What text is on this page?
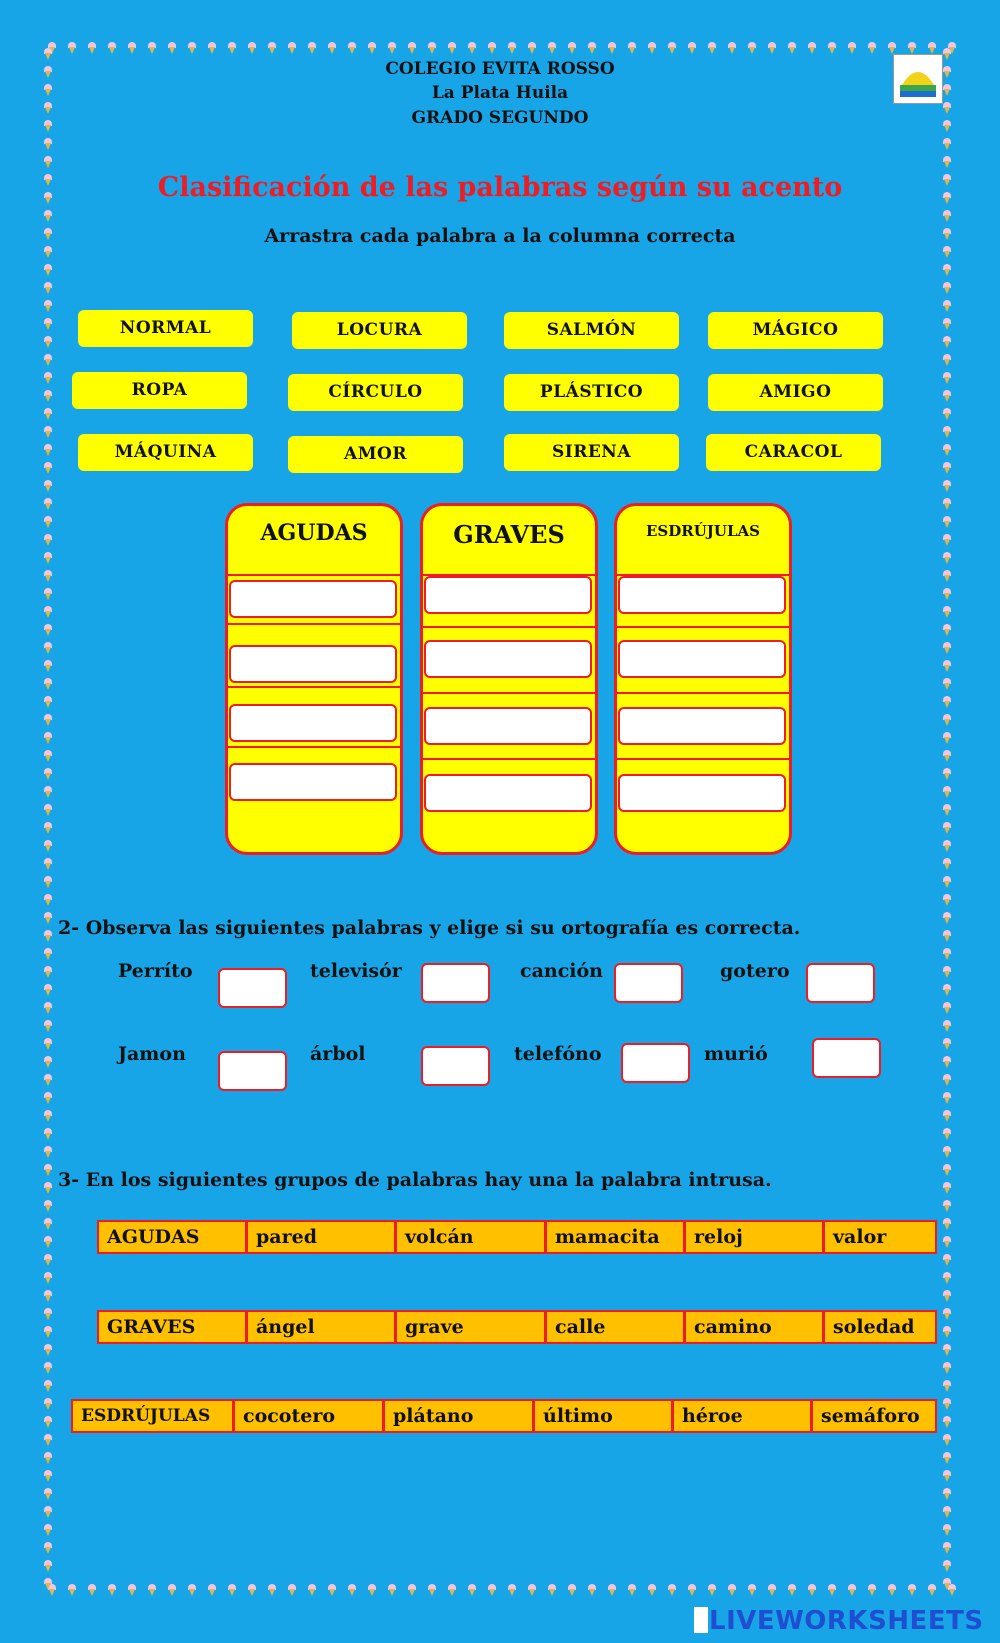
COLEGIO EVITA ROSSO
La Plata Huila
GRADO SEGUNDO
Clasificación de las palabras según su acento
Arrastra cada palabra a la columna correcta
NORMAL	LOCURA	SALMÓN	MÁGICO
ROPA	CÍRCULO	PLÁSTICO	AMIGO
MÁQUINA	AMOR	SIRENA	CARACOL
AGUDAS	GRAVES	ESDRÚJULAS
2- Observa las siguientes palabras y elige si su ortografía es correcta.
Perríto	televisór	canción	gotero
Jamon	árbol	telefóno	murió
3- En los siguientes grupos de palabras hay una la palabra intrusa.
AGUDAS	pared	volcán	mamacita	reloj	valor
GRAVES	ángel	grave	calle	camino	soledad
ESDRÚJULAS	cocotero	plátano	último	héroe	semáforo
LIVEWORKSHEETS
